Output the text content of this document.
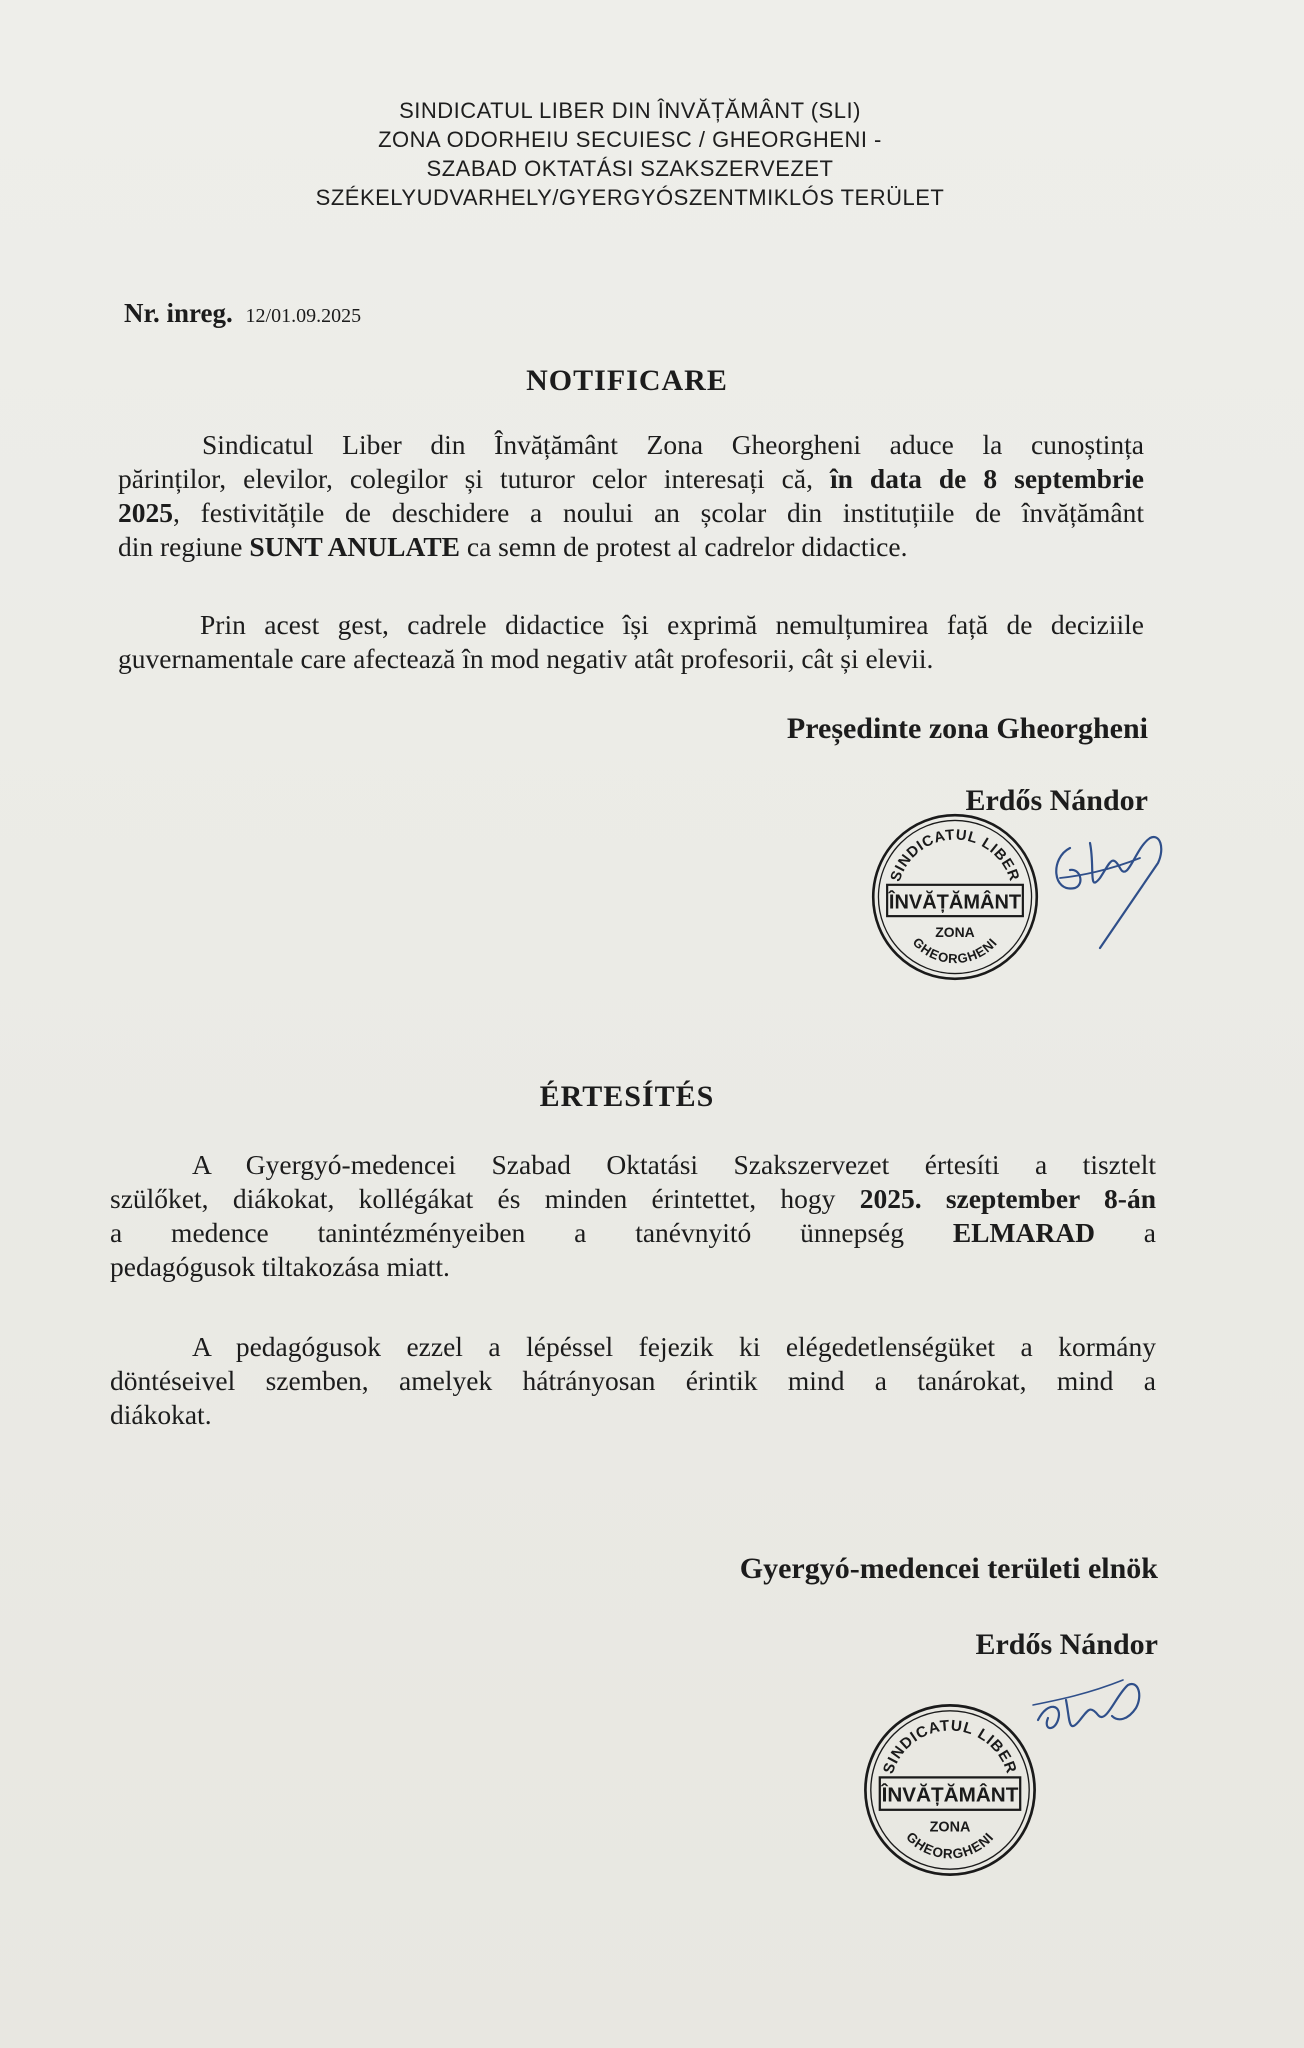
SINDICATUL LIBER DIN ÎNVĂȚĂMÂNT (SLI)
ZONA ODORHEIU SECUIESC / GHEORGHENI -
SZABAD OKTATÁSI SZAKSZERVEZET
SZÉKELYUDVARHELY/GYERGYÓSZENTMIKLÓS TERÜLET
Nr. inreg. 12/01.09.2025
NOTIFICARE
Sindicatul Liber din Învățământ Zona Gheorgheni aduce la cunoștința
părinților, elevilor, colegilor și tuturor celor interesați că, în data de 8 septembrie
2025, festivitățile de deschidere a noului an școlar din instituțiile de învățământ
din regiune SUNT ANULATE ca semn de protest al cadrelor didactice.
Prin acest gest, cadrele didactice își exprimă nemulțumirea față de deciziile
guvernamentale care afectează în mod negativ atât profesorii, cât și elevii.
Președinte zona Gheorgheni
Erdős Nándor
SINDICATUL LIBER
ÎNVĂȚĂMÂNT
ZONA
GHEORGHENI
ÉRTESÍTÉS
A Gyergyó-medencei Szabad Oktatási Szakszervezet értesíti a tisztelt
szülőket, diákokat, kollégákat és minden érintettet, hogy 2025. szeptember 8-án
a medence tanintézményeiben a tanévnyitó ünnepség ELMARAD a
pedagógusok tiltakozása miatt.
A pedagógusok ezzel a lépéssel fejezik ki elégedetlenségüket a kormány
döntéseivel szemben, amelyek hátrányosan érintik mind a tanárokat, mind a
diákokat.
Gyergyó-medencei területi elnök
Erdős Nándor
SINDICATUL LIBER
ÎNVĂȚĂMÂNT
ZONA
GHEORGHENI
